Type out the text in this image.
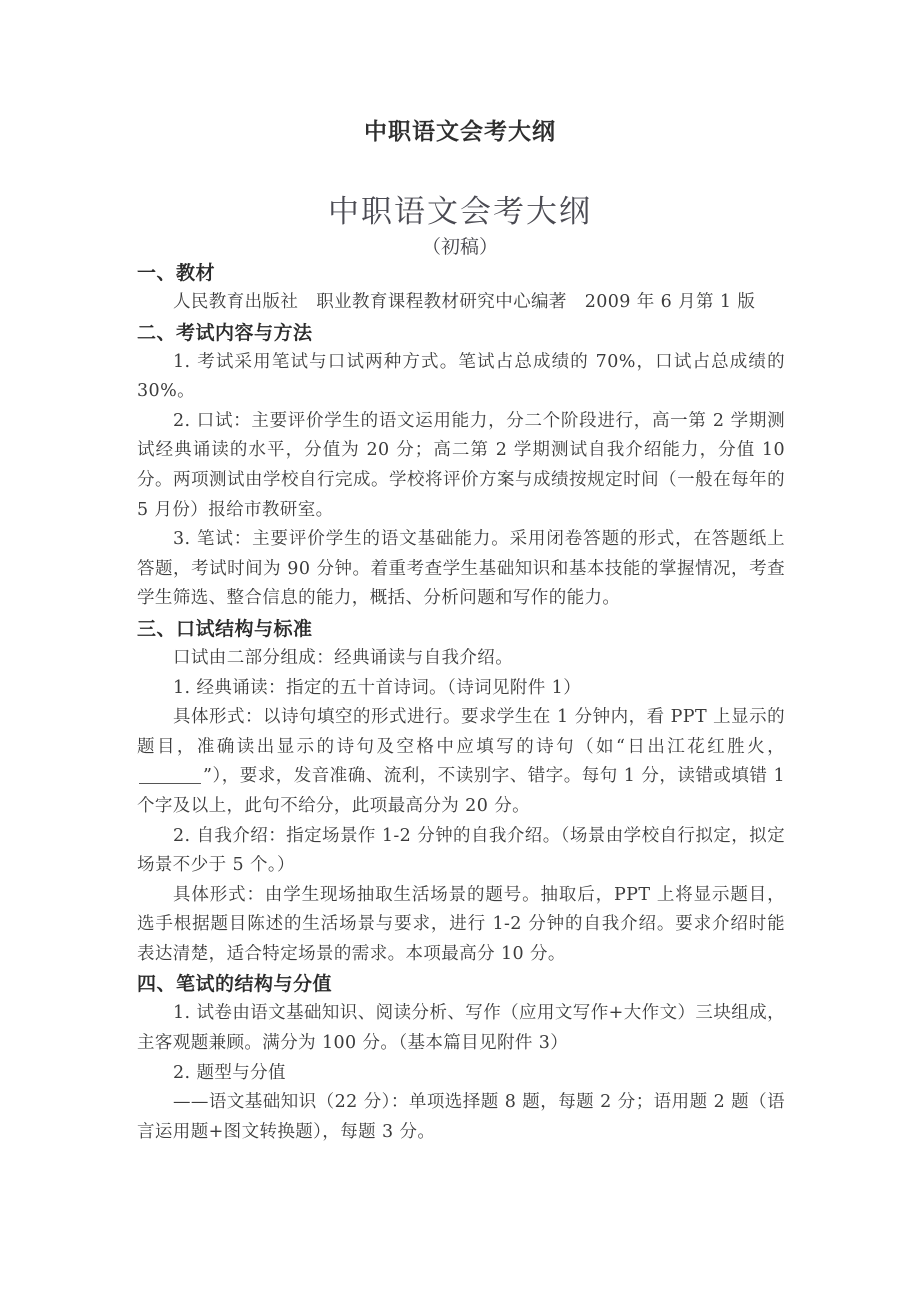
中职语文会考大纲
中职语文会考大纲
（初稿）
一、教材

人民教育出版社　职业教育课程教材研究中心编著　2009 年 6 月第 1 版

二、考试内容与方法

1. 考试采用笔试与口试两种方式。笔试占总成绩的 70%，口试占总成绩的 30%。

2. 口试：主要评价学生的语文运用能力，分二个阶段进行，高一第 2 学期测试经典诵读的水平，分值为 20 分；高二第 2 学期测试自我介绍能力，分值 10 分。两项测试由学校自行完成。学校将评价方案与成绩按规定时间（一般在每年的 5 月份）报给市教研室。

3. 笔试：主要评价学生的语文基础能力。采用闭卷答题的形式，在答题纸上答题，考试时间为 90 分钟。着重考查学生基础知识和基本技能的掌握情况，考查学生筛选、整合信息的能力，概括、分析问题和写作的能力。

三、口试结构与标准

口试由二部分组成：经典诵读与自我介绍。

1. 经典诵读：指定的五十首诗词。（诗词见附件 1）

具体形式：以诗句填空的形式进行。要求学生在 1 分钟内，看 PPT 上显示的题目，准确读出显示的诗句及空格中应填写的诗句（如“日出江花红胜火，”），要求，发音准确、流利，不读别字、错字。每句 1 分，读错或填错 1 个字及以上，此句不给分，此项最高分为 20 分。

2. 自我介绍：指定场景作 1-2 分钟的自我介绍。（场景由学校自行拟定，拟定场景不少于 5 个。）

具体形式：由学生现场抽取生活场景的题号。抽取后，PPT 上将显示题目，选手根据题目陈述的生活场景与要求，进行 1-2 分钟的自我介绍。要求介绍时能表达清楚，适合特定场景的需求。本项最高分 10 分。

四、笔试的结构与分值

1. 试卷由语文基础知识、阅读分析、写作（应用文写作+大作文）三块组成，主客观题兼顾。满分为 100 分。（基本篇目见附件 3）

2. 题型与分值

——语文基础知识（22 分）：单项选择题 8 题，每题 2 分；语用题 2 题（语言运用题+图文转换题），每题 3 分。
